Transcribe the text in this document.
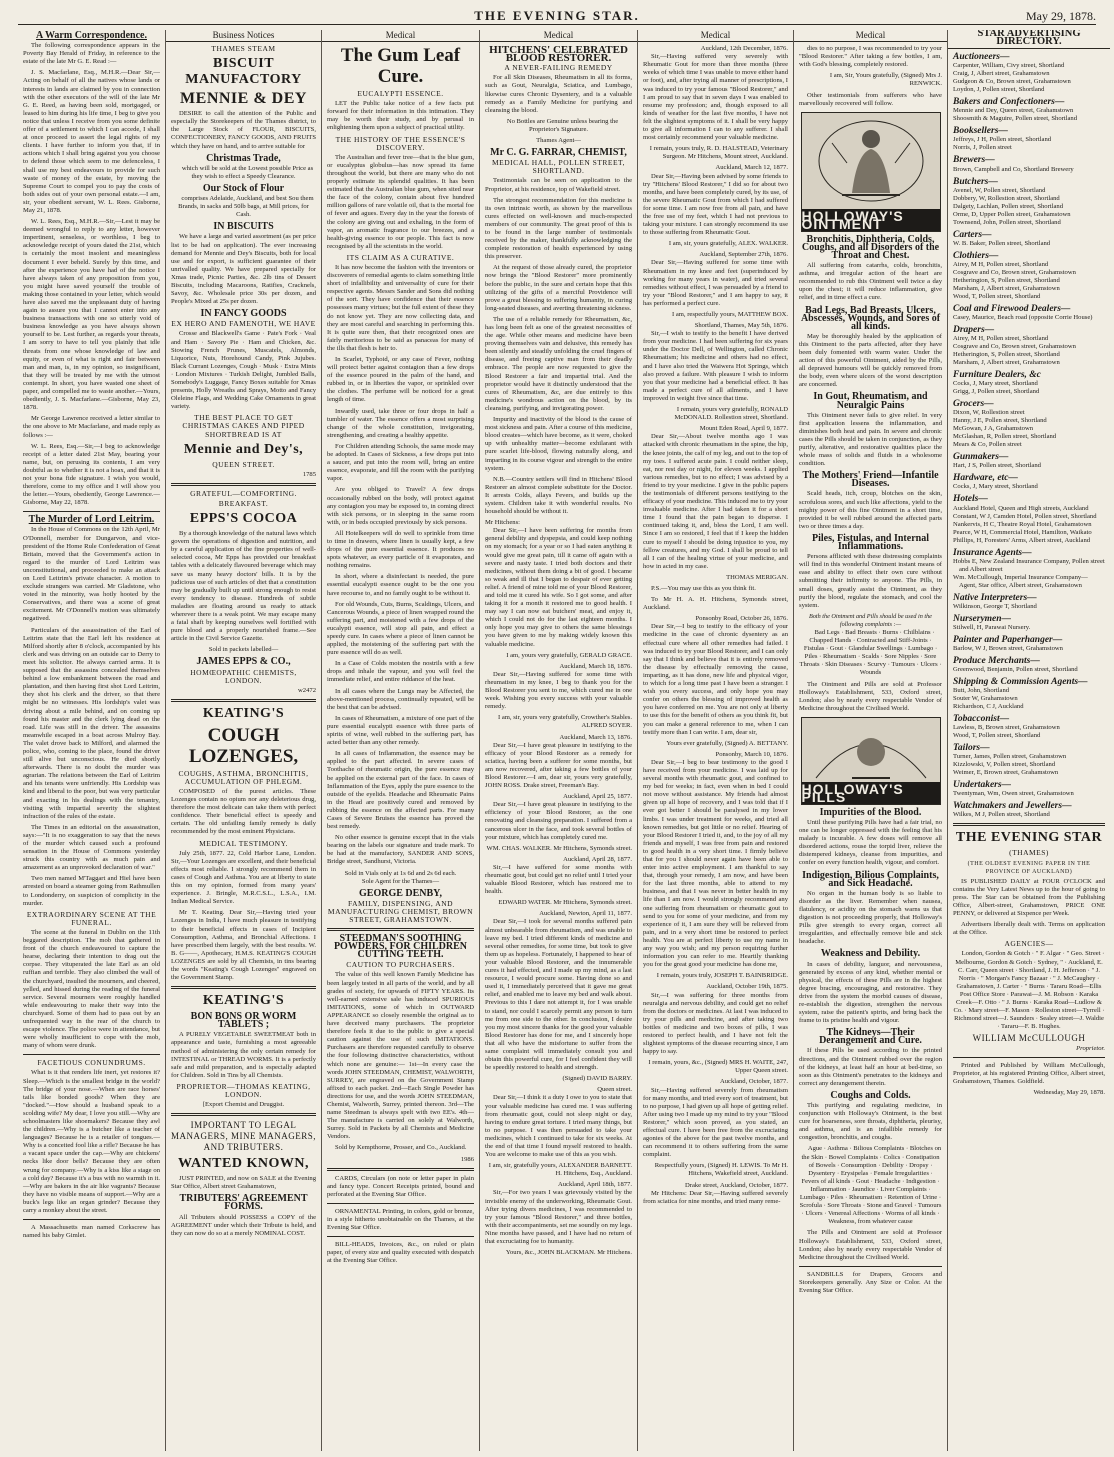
THE EVENING STAR.	May 29, 1878.
A Warm Correspondence.

The following correspondence appears in the Poverty Bay Herald of Friday, in reference to the estate of the late Mr G. E. Read :—

J. S. Macfarlane, Esq., M.H.R.—Dear Sir,—Acting on behalf of all the natives whose lands or interests in lands are claimed by you in connection with the other executors of the will of the late Mr G. E. Reed, as having been sold, mortgaged, or leased to him during his life time, I beg to give you notice that unless I receive from you some definite offer of a settlement to which I can accede, I shall at once proceed to assert the legal rights of my clients. I have further to inform you that, if in actions which I shall bring against you you choose to defend those which seem to me defenceless, I shall use my best endeavours to provide for such waste of money of the estate, by moving the Supreme Court to compel you to pay the costs of both sides out of your own personal estate.—I am, sir, your obedient servant, W. L. Rees. Gisborne, May 21, 1878.

W. L. Rees, Esq., M.H.R.—Sir,—Lest it may be deemed wrongful to reply to any letter, however impertinent, senseless, or worthless, I beg to acknowledge receipt of yours dated the 21st, which is certainly the most insolent and meaningless document I ever beheld. Surely by this time, and after the experience you have had of the notice I have always taken of any proposition from you, you might have saved yourself the trouble of making those contained in your letter, which would have also saved me the unpleasant duty of having again to assure you that I cannot enter into any business transactions with one so utterly void of business knowledge as you have always shown yourself to be. Lest further, as regards your threats, I am sorry to have to tell you plainly that idle threats from one whose knowledge of law and equity, or even of what is right and fair between man and man, is, in my opinion, so insignificant, that they will be treated by me with the utmost contempt. In short, you have wasted one sheet of paper, and compelled me to waste another.—Yours, obediently, J. S. Macfarlane.—Gisborne, May 23, 1878.

Mr George Lawrence received a letter similar to the one above to Mr Macfarlane, and made reply as follows :—

W. L. Rees, Esq.—Sir,—I beg to acknowledge receipt of a letter dated 21st May, bearing your name, but, on perusing its contents, I am very doubtful as to whether it is not a hoax, and that it is not your bona fide signature. I wish you would, therefore, come to my office and I will show you the letter.—Yours, obediently, George Lawrence.—Gisborne, May 22, 1878.

The Murder of Lord Leitrim.

In the House of Commons on the 12th April, Mr O'Donnell, member for Dungarvon, and vice-president of the Home Rule Confederation of Great Britain, moved that the Government's action in regard to the murder of Lord Leitrim was unconstitutional, and proceeded to make an attack on Lord Leitrim's private character. A motion to exclude strangers was carried. Mr Gladstone, who voted in the minority, was hotly hooted by the Conservatives, and there was a scene of great excitement. Mr O'Donnell's motion was ultimately negatived.

Particulars of the assassination of the Earl of Leitrim state that the Earl left his residence at Milford shortly after 8 o'clock, accompanied by his clerk and was driving on an outside car to Derry to meet his solicitor. He always carried arms. It is supposed that the assassins concealed themselves behind a low embankment between the road and plantation, and then having first shot Lord Leitrim, they shot his clerk and the driver, so that there might be no witnesses. His lordship's valet was driving about a mile behind, and on coming up found his master and the clerk lying dead on the road. Life was still in the driver. The assassins meanwhile escaped in a boat across Mulroy Bay. The valet drove back to Milford, and alarmed the police, who, coming to the place, found the driver still alive but unconscious. He died shortly afterwards. There is no doubt the murder was agrarian. The relations between the Earl of Leitrim and his tenants were unfriendly. His Lordship was kind and liberal to the poor, but was very particular and exacting in his dealings with the tenantry, visiting with impartial severity the slightest infraction of the rules of the estate.

The Times in an editorial on the assassination, says:—"It is no exaggeration to say that the news of the murder which caused such a profound sensation in the House of Commons yesterday struck this country with as much pain and amazement as an unprovoked declaration of war."

Two men named M'Taggart and Hiel have been arrested on board a steamer going from Rathmullen to Londonderry, on suspicion of complicity in the murder.

EXTRAORDINARY SCENE AT THE FUNERAL.

The scene at the funeral in Dublin on the 11th beggared description. The mob that gathered in front of the church endeavoured to capture the hearse, declaring their intention to drag out the corpse. They vituperated the late Earl as an old ruffian and terrible. They also climbed the wall of the churchyard, insulted the mourners, and cheered, yelled, and hissed during the reading of the funeral service. Several mourners were roughly handled while endeavouring to make their way into the churchyard. Some of them had to pass out by an unfrequented way in the rear of the church to escape violence. The police were in attendance, but were wholly insufficient to cope with the mob, many of whom were drunk.

FACETIOUS CONUNDRUMS.

What is it that renders life inert, yet restores it? Sleep.—Which is the smallest bridge in the world? The bridge of your nose.—When are race horses' tails like bonded goods? When they are "docked."—How should a husband speak to a scolding wife? My dear, I love you still.—Why are schoolmasters like shoemakers? Because they awl the children.—Why is a butcher like a teacher of languages? Because he is a retailer of tongues.—Why is a conceited fool like a rifle? Because he has a vacant space under the cap.—Why are chickens' necks like door bells? Because they are often wrung for company.—Why is a kiss like a stage on a cold day? Because it's a bus with no warmth in it.—Why are bakers in the air like vagrants? Because they have no visible means of support.—Why are a buck's legs like an organ grinder? Because they carry a monkey about the street.

A Massachusetts man named Corkscrew has named his baby Gimlet.

Business Notices
THAMES STEAM
BISCUIT MANUFACTORY
MENNIE & DEY

DESIRE to call the attention of the Public and especially the Storekeepers of the Thames district, to the Large Stock of FLOUR, BISCUITS, CONFECTIONERY, FANCY GOODS, AND FRUITS which they have on hand, and to arrive suitable for

Christmas Trade,

which will be sold at the Lowest possible Price as they wish to effect a Speedy Clearance.

Our Stock of Flour

comprises Adelaide, Auckland, and best Sou them Brands, in sacks and 50lb bags, at Mill prices, for Cash.

IN BISCUITS

We have a large and varied assortment (as per price list to be had on application). The ever increasing demand for Mennie and Dey's Biscuits, both for local use and for export, is sufficient guarantee of their unrivalled quality. We have prepared specially for Xmas trade, Picnic Parties, &c. 2lb tins of Dessert Biscuits, including Macaroons, Ratifies, Cracknels, Savoy, &c. Wholesale price 30s per dozen, and People's Mixed at 25s per dozen.

IN FANCY GOODS
EX HERO AND FAMENOTH, WE HAVE

Crosse and Blackwell's Game · Pate's Fork · Veal and Ham · Savory Pie · Ham and Chicken, &c. Stowing French Prunes, Muscatels, Almonds, Liquorice, Nuts, Horehound Candy, Pink Jujubes. Black Currant Lozenges, Cough · Musk · Extra Mints · London Mixtures · Turkish Delight, Jumbled Balls, Somebody's Luggage, Fancy Boxes suitable for Xmas presents, Holly Wreaths and Sprays, Motto and Fancy Oleleine Flags, and Wedding Cake Ornaments in great variety.

THE BEST PLACE TO GET CHRISTMAS CAKES AND PIPED SHORTBREAD IS AT
Mennie and Dey's,
QUEEN STREET.
1785
GRATEFUL—COMFORTING.
BREAKFAST.
EPPS'S COCOA

By a thorough knowledge of the natural laws which govern the operations of digestion and nutrition, and by a careful application of the fine properties of well-selected cocoa, Mr Epps has provided our breakfast tables with a delicately flavoured beverage which may save us many heavy doctors' bills. It is by the judicious use of such articles of diet that a constitution may be gradually built up until strong enough to resist every tendency to disease. Hundreds of subtle maladies are floating around us ready to attack wherever there is a weak point. We may escape many a fatal shaft by keeping ourselves well fortified with pure blood and a properly nourished frame.—See article in the Civil Service Gazette.

Sold in packets labelled—
JAMES EPPS & CO.,
HOMŒOPATHIC CHEMISTS, LONDON.
w2472
KEATING'S
COUGH LOZENGES,
COUGHS, ASTHMA, BRONCHITIS, ACCUMULATION OF PHLEGM.

COMPOSED of the purest articles. These Lozenges contain no opium nor any deleterious drug, therefore the most delicate can take them with perfect confidence. Their beneficial effect is speedy and certain. The old unfailing family remedy is daily recommended by the most eminent Physicians.

MEDICAL TESTIMONY.

July 25th, 1877. 22, Cold Harbor Lane, London. Sir,—Your Lozenges are excellent, and their beneficial effects most reliable. I strongly recommend them in cases of Cough and Asthma. You are at liberty to state this on my opinion, formed from many years' experience. J. Bringle, M.R.C.S.L., L.S.A., I.M. Indian Medical Service.

Mr T. Keating. Dear Sir,—Having tried your Lozenges in India, I have much pleasure in testifying to their beneficial effects in cases of Incipient Consumption, Asthma, and Bronchial Affections. I have prescribed them largely, with the best results. W. B. G——, Apothecary, H.M.S. KEATING'S COUGH LOZENGES are sold by all Chemists, in tins bearing the words "Keating's Cough Lozenges" engraved on the Government Stamp.

KEATING'S
BON BONS OR WORM TABLETS ;

A PURELY VEGETABLE SWEETMEAT both in appearance and taste, furnishing a most agreeable method of administering the only certain remedy for INTESTINAL or THREAD WORMS. It is a perfectly safe and mild preparation, and is especially adapted for Children. Sold in Tins by all Chemists.

PROPRIETOR—THOMAS KEATING, LONDON.
[Export Chemist and Druggist.
IMPORTANT TO LEGAL MANAGERS, MINE MANAGERS, AND TRIBUTERS.
WANTED KNOWN,

JUST PRINTED, and now on SALE at the Evening Star Office, Albert street Grahamstown,

TRIBUTERS' AGREEMENT FORMS.

All Tributers should POSSESS a COPY of the AGREEMENT under which their Tribute is held, and they can now do so at a merely NOMINAL COST.

Medical
The Gum Leaf Cure.
EUCALYPTI ESSENCE.

LET the Public take notice of a few facts put forward for their information in this intimation. They may be worth their study, and by perusal in enlightening them upon a subject of practical utility.

THE HISTORY OF THE ESSENCE'S DISCOVERY.

The Australian and fever tree—that is the blue gum, or eucalyptus globulus—has now spread its fame throughout the world, but there are many who do not properly estimate its splendid qualities. It has been estimated that the Australian blue gum, when sited near the face of the colony, contain about five hundred million gallons of rare volatile oil, that is the mortal foe of fever and agues. Every day in the year the forests of the colony are giving out and exhaling, in the form of vapor, an aromatic fragrance to our breezes, and a health-giving essence to our people. This fact is now recognised by all the scientists in the world.

ITS CLAIM AS A CURATIVE.

It has now become the fashion with the inventors or discoverers of remedial agents to claim something little short of infallibility and universality of cure for their respective agents. Messrs Sander and Sons did nothing of the sort. They have confidence that their essence possesses many virtues; but the full extent of these they do not know yet. They are now collecting data, and they are most careful and searching in performing this. It is quite sure then, that their recognized ones are fairly meritorious to be said as panaceas for many of the ills that flesh is heir to.

In Scarlet, Typhoid, or any case of Fever, nothing will protect better against contagion than a few drops of the essence poured in the palm of the hand, and rubbed in, or in liberties the vapor, or sprinkled over the clothes. The perfume will be noticed for a great length of time.

Inwardly used, take three or four drops in half a tumbler of water. The essence offers a most surprising change of the whole constitution, invigorating, strengthening, and creating a healthy appetite.

For Children attending Schools, the same mode may be adopted. In Cases of Sickness, a few drops put into a saucer, and put into the room will, bring an entire essence, evaporate, and fill the room with the purifying vapor.

Are you obliged to Travel? A few drops occasionally rubbed on the body, will protect against any contagion you may be exposed to, in coming direct with sick persons, or in sleeping in the same room with, or in beds occupied previously by sick persons.

All Hotelkeepers will do well to sprinkle from time to time in drawers, where linen is usually kept, a few drops of the pure essential essence. It produces no spots whatever, as every particle of it evaporates, and nothing remains.

In short, where a disinfectant is needed, the pure essential eucalypti essence ought to be the one you have recourse to, and no family ought to be without it.

For old Wounds, Cuts, Burns, Scaldings, Ulcers, and Cancerous Wounds, a piece of linen wrapped round the suffering part, and moistened with a few drops of the eucalypti essence, will stop all pain, and effect a speedy cure. In cases where a piece of linen cannot be applied, the moistening of the suffering part with the pure essence will do as well.

In a Case of Colds moisten the nostrils with a few drops and inhale the vapour, and you will feel the immediate relief, and entire riddance of the heat.

In all cases where the Lungs may be Affected, the above-mentioned process, continually repeated, will be the best that can be advised.

In cases of Rheumatism, a mixture of one part of the pure essential eucalypti essence with three parts of spirits of wine, well rubbed in the suffering part, has acted better than any other remedy.

In all cases of Inflammation, the essence may be applied to the part affected. In severe cases of Toothache of rheumatic origin, the pure essence may be applied on the external part of the face. In cases of Inflammation of the Eyes, apply the pure essence to the outside of the eyelids. Headache and Rheumatic Pains in the Head are positively cured and removed by rubbing the essence on the affected parts. For many Cases of Severe Bruises the essence has proved the best remedy.

No other essence is genuine except that in the vials bearing on the labels our signature and trade mark. To be had at the manufactory, SANDER AND SONS, Bridge street, Sandhurst, Victoria.

Sold in Vials only at 1s 6d and 2s 6d each.
Sole Agent for the Thames—
GEORGE DENBY,
FAMILY, DISPENSING, AND MANUFACTURING CHEMIST, BROWN STREET, GRAHAMSTOWN.
STEEDMAN'S SOOTHING POWDERS, FOR CHILDREN CUTTING TEETH.
CAUTION TO PURCHASERS.

The value of this well known Family Medicine has been largely tested in all parts of the world, and by all grades of society, for upwards of FIFTY YEARS. Its well-earned extensive sale has induced SPURIOUS IMITATIONS, some of which in OUTWARD APPEARANCE so closely resemble the original as to have deceived many purchasers. The proprietor therefore feels it due to the public to give a special caution against the use of such IMITATIONS. Purchasers are therefore requested carefully to observe the four following distinctive characteristics, without which none are genuine:— 1st—In every case the words JOHN STEEDMAN, CHEMIST, WALWORTH, SURREY, are engraved on the Government Stamp affixed to each packet. 2nd—Each Single Powder has directions for use, and the words JOHN STEEDMAN, Chemist, Walworth, Surrey, printed thereon. 3rd—The name Steedman is always spelt with two EE's. 4th—The manufacture is carried on solely at Walworth, Surrey. Sold in Packets by all Chemists and Medicine Vendors.

Sold by Kempthorne, Prosser, and Co., Auckland.

1986

CARDS, Circulars (on note or letter paper in plain and fancy type. Concert Receipts printed, bound and perforated at the Evening Star Office.

ORNAMENTAL Printing, in colors, gold or bronze, in a style hitherto unobtainable on the Thames, at the Evening Star Office.

BILL-HEADS, Invoices, &c., on ruled or plain paper, of every size and quality executed with despatch at the Evening Star Office.

Medical
HITCHENS' CELEBRATED BLOOD RESTORER.
A NEVER-FAILING REMEDY

For all Skin Diseases, Rheumatism in all its forms, such as Gout, Neuralgia, Sciatica, and Lumbago, likewise cures Chronic Dysentery, and is a valuable remedy as a Family Medicine for purifying and cleansing the blood.

No Bottles are Genuine unless bearing the Proprietor's Signature.

Thames Agent—
Mr C. G. FARRAR, CHEMIST,
MEDICAL HALL, POLLEN STREET, SHORTLAND.

Testimonials can be seen on application to the Proprietor, at his residence, top of Wakefield street.

The strongest recommendation for this medicine is its own intrinsic worth, as shown by the marvellous cures effected on well-known and much-respected members of our community. The great proof of this is to be found in the large number of testimonials received by the maker, thankfully acknowledging the complete restoration of health experienced by using this preserver.

At the request of those already cured, the proprietor now brings the "Blood Restorer" more prominently before the public, in the sure and certain hope that this utilizing of the gifts of a merciful Providence will prove a great blessing to suffering humanity, in curing long-seated diseases, and averting threatening sickness.

The use of a reliable remedy for Rheumatism, &c, has long been felt as one of the greatest necessities of the age. While other means and medicine have been proving themselves vain and delusive, this remedy has been silently and steadily unfolding the cruel fingers of disease, and freeing captive man from their deadly embrace. The people are now requested to give the Blood Restorer a fair and impartial trial. And the proprietor would have it distinctly understood that the cures of Rheumatism, &c, are due entirely to this medicine's wondrous action on the blood, by its cleansing, purifying, and invigorating power.

Impurity and inactivity of the blood is the cause of most sickness and pain. After a course of this medicine, blood creates—which have become, as it were, choked up with unhealthy matter—become exhilarant with pure scarlet life-blood, flowing naturally along, and imparting in its course vigour and strength to the entire system.

N.B.—Country settlers will find in Hitchens' Blood Restorer an almost complete substitute for the Doctor. It arrests Colds, allays Fevers, and builds up the system. Children take it with wonderful results. No household should be without it.

Mr Hitchens:

Dear Sir,—I have been suffering for months from general debility and dyspepsia, and could keep nothing on my stomach; for a year or so I had eaten anything it would give me great pain, till it came off again with a severe and nasty taste. I tried both doctors and their medicines, without them doing a bit of good. I became so weak and ill that I began to despair of ever getting relief. A friend of mine told me of your Blood Restorer, and told me it cured his wife. So I got some, and after taking it for a month it restored me to good health. I may say I can now eat butchers' meat, and enjoy it, which I could not do for the last eighteen months. I only hope you may give to others the same blessings you have given to me by making widely known this valuable medicine.

I am, yours very gratefully, GERALD GRACE.
Auckland, March 18, 1876.

Dear Sir,—Having suffered for some time with rheumatism in my knee, I beg to thank you for the Blood Restorer you sent to me, which cured me in one week. Wishing you every success with your valuable remedy.

I am, sir, yours very gratefully, Crowther's Stables. ALFRED SOYER.
Auckland, March 13, 1876.

Dear Sir,—I have great pleasure in testifying to the efficacy of your Blood Restorer as a remedy for sciatica, having been a sufferer for some months, but am now recovered, after taking a few bottles of your Blood Restorer.—I am, dear sir, yours very gratefully, JOHN ROSS. Drake street, Freeman's Bay.

Auckland, April 25, 1877.

Dear Sir,—I have great pleasure in testifying to the efficiency of your Blood Restorer, as the one renovating and cleansing preparation. I suffered from a cancerous ulcer in the face, and took several bottles of your mixture, which has completely cured me.

WM. CHAS. WALKER. Mr Hitchens, Symonds street.
Auckland, April 28, 1877.

Sir,—I have suffered for some months with rheumatic gout, but could get no relief until I tried your valuable Blood Restorer, which has restored me to health.

EDWARD WATER. Mr Hitchens, Symonds street.
Auckland, Newton, April 11, 1877.

Dear Sir,—I took for several months suffered pain almost unbearable from rheumatism, and was unable to leave my bed. I tried different kinds of medicine and several other remedies, for some time, but took to give them up as hopeless. Fortunately, I happened to hear of your valuable Blood Restorer, and the innumerable cures it had effected, and I made up my mind, as a last resource, I would procure some. Having done so and used it, I immediately perceived that it gave me great relief, and enabled me to leave my bed and walk about. Previous to this I dare not attempt it, for I was unable to stand, nor could I scarcely permit any person to turn me from one side to the other. In conclusion, I desire you my most sincere thanks for the good your valuable Blood Restorer has done for me, and I sincerely hope that all who have the misfortune to suffer from the same complaint will immediately consult you and obtain this powerful cure, for I feel confident they will be speedily restored to health and strength.

(Signed) DAVID BARRY.
Queen street.

Dear Sir,—I think it a duty I owe to you to state that your valuable medicine has cured me. I was suffering from rheumatic gout, could not sleep night or day, having to endure great torture. I tried many things, but to no purpose. I was then persuaded to take your medicines, which I continued to take for six weeks. At the end of that time I found myself restored to health. You are welcome to make use of this as you wish.

I am, sir, gratefully yours, ALEXANDER BARNETT. H. Hitchens, Esq., Auckland.
Auckland, April 18th, 1877.

Sir,—For two years I was grievously visited by the invisible enemy of the underworking, Rheumatic Gout. After trying divers medicines, I was recommended to try your famous "Blood Restorer," and three bottles, with their accompaniments, set me soundly on my legs. Nine months have passed, and I have had no return of that excruciating foe to humanity.

Yours, &c., JOHN BLACKMAN. Mr Hitchens.
Medical
Auckland, 12th December, 1876.

Sir,—Having suffered very severely with Rheumatic Gout for more than three months (three weeks of which time I was unable to move either hand or foot), and, after trying all manner of prescriptions, I was induced to try your famous "Blood Restorer," and I am proud to say that in seven days I was enabled to resume my profession; and, though exposed to all kinds of weather for the last five months, I have not felt the slightest symptoms of it. I shall be very happy to give all information I can to any sufferer. I shall most certainly recommend your valuable medicine.

I remain, yours truly, R. D. HALSTEAD, Veterinary Surgeon. Mr Hitchens, Mount street, Auckland.
Auckland, March 12, 1877.

Dear Sir,—Having been advised by some friends to try "Hitchens' Blood Restorer," I did so for about two months, and have been completely cured, by its use, of the severe Rheumatic Gout from which I had suffered for some time. I am now free from all pain, and have the free use of my feet, which I had not previous to taking your mixture. I can strongly recommend its use to those suffering from Rheumatic Gout.

I am, sir, yours gratefully, ALEX. WALKER.
Auckland, September 27th, 1876.

Dear Sir,—Having suffered for some time with Rheumatism in my knee and feet (superinduced by working for many years in water), and tried several remedies without effect, I was persuaded by a friend to try your "Blood Restorer," and I am happy to say, it has performed a perfect cure.

I am, respectfully yours, MATTHEW BOX.
Shortland, Thames, May 5th, 1876.

Sir,—I wish to testify to the benefit I have derived from your medicine. I had been suffering for six years under the Doctor Dell, of Wellington, called Chronic Rheumatism; his medicine and others had no effect, and I have also tried the Waiwera Hot Springs, which also proved a failure. With pleasure I wish to inform you that your medicine had a beneficial effect. It has made a perfect cure of all ailments, and I have improved in weight five since that time.

I remain, yours very gratefully, RONALD McDONALD. Rollestion street, Shortland.
Mount Eden Road, April 9, 1877.

Dear Sir,—About twelve months ago I was attacked with chronic rheumatism in the spine, the hip, the knee joints, the calf of my leg, and out to the top of my toes. I suffered acute pain. I could neither sleep, eat, nor rest day or night, for eleven weeks. I applied various remedies, but to no effect; I was advised by a friend to try your medicine. I give in the public papers the testimonials of different persons testifying to the efficacy of your medicine. This induced me to try your invaluable medicine. After I had taken it for a short time I found that the pain began to disperse. I continued taking it, and, bless the Lord, I am well. Since I am so restored, I feel that if I keep the hidden cure to myself I should be doing injustice to you, my fellow creatures, and my God. I shall be proud to tell all I can of the healing virtue of your medicine, and how in acted in my case.

THOMAS MERIGAN.

P.S.—You may use this as you think fit.

To Mr H. A. H. Hitchens, Symonds street, Auckland.

Ponsonby Road, October 26, 1876.

Dear Sir,—I beg to testify to the efficacy of your medicine in the case of chronic dysentery as an effectual cure where all other remedies had failed. I was induced to try your Blood Restorer, and I can only say that I think and believe that it is entirely removed the disease by effectually removing the cause, imparting, as it has done, new life and physical vigor, to which for a long time past I have been a stranger. I wish you every success, and only hope you may confer on others the blessing of improved health as you have conferred on me. You are not only at liberty to use this for the benefit of others as you think fit, but you can make a general reference to me, when I can testify more than I can write. I am, dear sir,

Yours ever gratefully, (Signed) A. BETTANY.
Ponsonby, March 10, 1876.

Dear Sir,—I beg to bear testimony to the good I have received from your medicine. I was laid up for several months with rheumatic gout, and confined to my bed for weeks; in fact, even when in bed I could not move without assistance. My friends had almost given up all hope of recovery, and I was told that if I ever got better I should be paralysed in my lower limbs. I was under treatment for weeks, and tried all known remedies, but got little or no relief. Hearing of your Blood Restorer I tried it, and, to the joy of all my friends and myself, I was free from pain and restored to good health in a very short time. I firmly believe that for you I should never again have been able to enter into active employment. I am thankful to say that, through your remedy, I am now, and have been for the last three months, able to attend to my business, and that I was never in better health in my life than I am now. I would strongly recommend any one suffering from rheumatism or rheumatic gout to send to you for some of your medicine, and from my experience of it, I am sure they will be relieved from pain, and in a very short time be restored to perfect health. You are at perfect liberty to use my name in any way you wish; and my person requiring further information you can refer to me. Heartily thanking you for the great good your medicine has done me,

I remain, yours truly, JOSEPH T. BAINBRIDGE.
Auckland, October 19th, 1875.

Sir,—I was suffering for three months from neuralgia and nervous debility, and could get no relief from the doctors or medicines. At last I was induced to try your pills and medicine, and after taking two bottles of medicine and two boxes of pills, I was restored to perfect health, and I have not felt the slightest symptoms of the disease recurring since, I am happy to say.

I remain, yours, &c., (Signed) MRS H. WAITE, 247, Upper Queen street.
Auckland, October, 1877.

Sir,—Having suffered severely from rheumatism for many months, and tried every sort of treatment, but to no purpose, I had given up all hope of getting relief. After using two I made up my mind to try your "Blood Restorer," which soon proved, as you stated, an effectual cure. I have been free from the excruciating agonies of the above for the past twelve months, and can recommend it to others suffering from the same complaint.

Respectfully yours, (Signed) H. LEWIS. To Mr H. Hitchens, Wakefield street, Auckland.
Drake street, Auckland, October, 1877.

Mr Hitchens: Dear Sir,—Having suffered severely from sciatica for nine months, and tried many reme-

Medical

dies to no purpose, I was recommended to try your "Blood Restorer." After taking a few bottles, I am, with God's blessing, completely restored.

I am, Sir, Yours gratefully, (Signed) Mrs J. RENWICK.

Other testimonials from sufferers who have marvellously recovered will follow.

HOLLOWAY'S OINTMENT
Bronchitis, Diphtheria, Colds, Coughs, and all Disorders of the Throat and Chest.

All suffering from catarrhs, colds, bronchitis, asthma, and irregular action of the heart are recommended to rub this Ointment well twice a day upon the chest; it will reduce inflammation, give relief, and in time effect a cure.

Bad Legs, Bad Breasts, Ulcers, Abscesses, Wounds, and Sores of all kinds.

May be thoroughly healed by the application of this Ointment to the parts affected, after they have been duly fomented with warm water. Under the action of this powerful Ointment, aided by the Pills, all depraved humours will be quickly removed from the body, even where ulcers of the worst description are concerned.

In Gout, Rheumatism, and Neuralgic Pains

This Ointment never fails to give relief. In very first application lessens the inflammation, and diminishes both heat and pain. In severe and chronic cases the Pills should be taken in conjunction, as they purify, alterative, and restorative qualities place the whole mass of solids and fluids in a wholesome condition.

The Mothers' Friend—Infantile Diseases.

Scald heads, itch, croup, blotches on the skin, scrofulous sores, and such like affections, yield to the mighty power of this fine Ointment in a short time, provided it be well rubbed around the affected parts two or three times a day.

Piles, Fistulas, and Internal Inflammations.

Persons afflicted with these distressing complaints will find in this wonderful Ointment instant means of ease and ability to effect their own cure without submitting their infirmity to anyone. The Pills, in small doses, greatly assist the Ointment, as they purify the blood, regulate the stomach, and cool the system.

Both the Ointment and Pills should be used in the following complaints :—

Bad Legs · Bad Breasts · Burns · Chilblains · Chapped Hands · Contracted and Stiff-Joints · Fistulas · Gout · Glandular Swellings · Lumbago · Piles · Rheumatism · Scalds · Sore Nipples · Sore Throats · Skin Diseases · Scurvy · Tumours · Ulcers · Wounds

The Ointment and Pills are sold at Professor Holloway's Establishment, 533, Oxford street, London; also by nearly every respectable Vendor of Medicine throughout the Civilised World.

HOLLOWAY'S PILLS
Impurities of the Blood.

Until these purifying Pills have had a fair trial, no one can be longer oppressed with the feeling that his malady is incurable. A few doses will remove all disordered actions, rouse the torpid liver, relieve the distempered kidneys, cleanse from impurities, and confer on every function health, vigour, and comfort.

Indigestion, Bilious Complaints, and Sick Headache.

No organ in the human body is so liable to disorder as the liver. Remember when nausea, flatulency, or acidity on the stomach warns us that digestion is not proceeding properly, that Holloway's Pills give strength to every organ, correct all irregularities, and effectually remove bile and sick headache.

Weakness and Debility.

In cases of debility, languor, and nervousness, generated by excess of any kind, whether mental or physical, the effects of these Pills are in the highest degree bracing, encouraging, and restorative. They drive from the system the morbid causes of disease, re-establish the digestion, strengthen the nervous system, raise the patient's spirits, and bring back the frame to its pristine health and vigour.

The Kidneys—Their Derangement and Cure.

If these Pills be used according to the printed directions, and the Ointment rubbed over the region of the kidneys, at least half an hour at bed-time, so soon as this Ointment's penetrates to the kidneys and correct any derangement therein.

Coughs and Colds.

This purifying and regulating medicine, in conjunction with Holloway's Ointment, is the best cure for hoarseness, sore throats, diphtheria, pleurisy, and asthma, and is an infallible remedy for congestion, bronchitis, and coughs.

Ague · Asthma · Bilious Complaints · Blotches on the Skin · Bowel Complaints · Colics · Constipation of Bowels · Consumption · Debility · Dropsy · Dysentery · Erysipelas · Female Irregularities · Fevers of all kinds · Gout · Headache · Indigestion · Inflammation · Jaundice · Liver Complaints · Lumbago · Piles · Rheumatism · Retention of Urine · Scrofula · Sore Throats · Stone and Gravel · Tumours · Ulcers · Venereal Affections · Worms of all kinds · Weakness, from whatever cause

The Pills and Ointment are sold at Professor Holloway's Establishment, 533, Oxford street, London; also by nearly every respectable Vendor of Medicine throughout the Civilised World.

SANDBILLS for Drapers, Grocers and Storekeepers generally. Any Size or Color. At the Evening Star Office.

STAR ADVERTISING DIRECTORY.
Auctioneers—
Carpenter, William, Civy street, Shortland
Craig, J, Albert street, Grahamstown
Gudgeon & Co, Brown street, Grahamstown
Loydon, J, Pollen street, Shortland
Bakers and Confectioners—
Mennie and Dey, Queen street, Grahamstown
Shoosmith & Maguire, Pollen street, Shortland
Booksellers—
Jeffreys, J H, Pollen street, Shortland
Norris, J, Pollen street
Brewers—
Brown, Campbell and Co, Shortland Brewery
Butchers—
Avenel, W, Pollen street, Shortland
Dobbery, W, Rollestion street, Shortland
Dalgety, Lachlan, Pollen street, Shortland
Orme, D, Upper Pollen street, Grahamstown
Townsend, John, Pollen street, Shortland
Carters—
W. B. Baker, Pollen street, Shortland
Clothiers—
Airey, M H, Pollen street, Shortland
Cosgrave and Co, Brown street, Grahamstown
Hetherington, S, Pollen street, Shortland
Marsham, J, Albert street, Grahamstown
Wood, T, Pollen street, Shortland
Coal and Firewood Dealers—
Casey, Maurice, Beach road (opposite Corrie House)
Drapers—
Airey, M H, Pollen street, Shortland
Cosgrave and Co, Brown street, Grahamstown
Hetherington, S, Pollen street, Shortland
Marsham, J, Albert street, Grahamstown
Furniture Dealers, &c
Cocks, J, Mary street, Shortland
Grigg, J, Pollen street, Shortland
Grocers—
Dixon, W, Rollestion street
Hanny, J E, Pollen street, Shortland
McGowan, J A, Grahamstown
McGlashan, R, Pollen street, Shortland
Mears & Co, Pollen street
Gunmakers—
Hart, J S, Pollen street, Shortland
Hardware, etc—
Cocks, J, Mary street, Shortland
Hotels—
Auckland Hotel, Queen and High streets, Auckland
Constant, W J, Camden Hotel, Pollen street, Shortland
Nankervis, H C, Theatre Royal Hotel, Grahamstown
Pearce, W H, Commercial Hotel, Hamilton, Waikato
Phillips, H, Foresters' Arms, Albert street, Auckland
Insurance Agents—
Hobbs E, New Zealand Insurance Company, Pollen street and Albert street
Wm. McCullough, Imperial Insurance Company—Agent, Star office, Albert street, Grahamstown
Native Interpreters—
Wilkinson, George T, Shortland
Nurserymen—
Stilwell, H, Parawai Nursery.
Painter and Paperhanger—
Barlow, W J, Brown street, Grahamstown
Produce Merchants—
Greenwood, Benjamin, Pollen street, Shortland
Shipping & Commission Agents—
Butt, John, Shortland
Souter W, Grahamstown
Richardson, C J, Auckland
Tobacconist—
Lawless, B, Brown street, Grahamstown
Wood, T, Pollen street, Shortland
Tailors—
Turner, James, Pollen street, Grahamstown
Kizzlowski, V, Pollen street, Shortland
Weimer, E, Brown street, Grahamstown
Undertakers—
Twentyman, Wm, Owen street, Grahamstown
Watchmakers and Jewellers—
Wilkes, M J, Pollen street, Shortland
THE EVENING STAR
(THAMES)
(THE OLDEST EVENING PAPER IN THE PROVINCE OF AUCKLAND)

IS PUBLISHED DAILY at FOUR O'CLOCK and contains the Very Latest News up to the hour of going to press. The Star can be obtained from the Publishing Office, Albert-street, Grahamstown, PRICE ONE PENNY, or delivered at Sixpence per Week.

Advertisers liberally dealt with. Terms on application at the Office.

AGENCIES—

London, Gordon & Gotch · " F. Algar · " Geo. Street · Melbourne, Gordon & Gotch · Sydney, " · Auckland, E. C. Carr, Queen street · Shortland, J. H. Jefferson · " J. Norris · " Morgan's Fancy Bazaar · " J. McCaughey · Grahamstown, J. Carter · " Burns · Tararu Road—Ellis Post Office Store · Parawai—J. M. Robson · Karaka Creek—F. Otto · " J. Burns · Karaka Road—Ludlow & Co. · Mary street—F. Mason · Rolleston street—Tyrrell · Richmond street—J. Saunders · Sealey street—J. Waldie · Tararu—F. B. Hughes.

WILLIAM McCULLOUGH
Proprietor.

Printed and Published by William McCullough, Proprietor, at his registered Printing Office, Albert street, Grahamstown, Thames. Goldfield.

Wednesday, May 29, 1878.
